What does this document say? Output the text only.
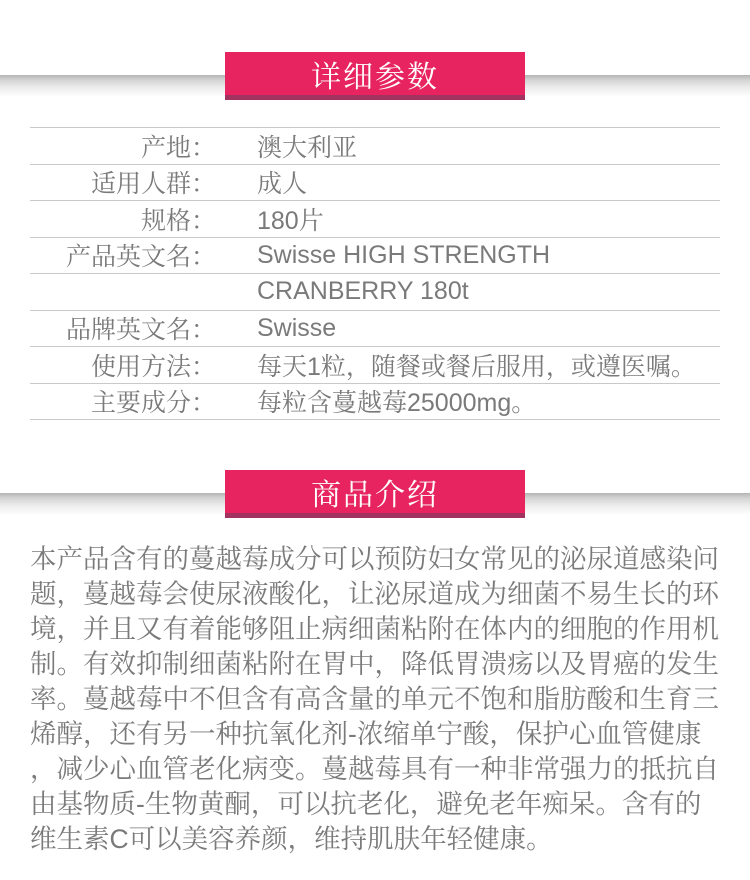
详细参数
产地：	澳大利亚
适用人群：	成人
规格：	180片
产品英文名：	Swisse HIGH STRENGTH
CRANBERRY 180t
品牌英文名：	Swisse
使用方法：	每天1粒，随餐或餐后服用，或遵医嘱。
主要成分：	每粒含蔓越莓25000mg。
商品介绍
本产品含有的蔓越莓成分可以预防妇女常见的泌尿道感染问
题，蔓越莓会使尿液酸化，让泌尿道成为细菌不易生长的环
境，并且又有着能够阻止病细菌粘附在体内的细胞的作用机
制。有效抑制细菌粘附在胃中，降低胃溃疡以及胃癌的发生
率。蔓越莓中不但含有高含量的单元不饱和脂肪酸和生育三
烯醇，还有另一种抗氧化剂-浓缩单宁酸，保护心血管健康
，减少心血管老化病变。蔓越莓具有一种非常强力的抵抗自
由基物质-生物黄酮，可以抗老化，避免老年痴呆。含有的
维生素C可以美容养颜，维持肌肤年轻健康。
